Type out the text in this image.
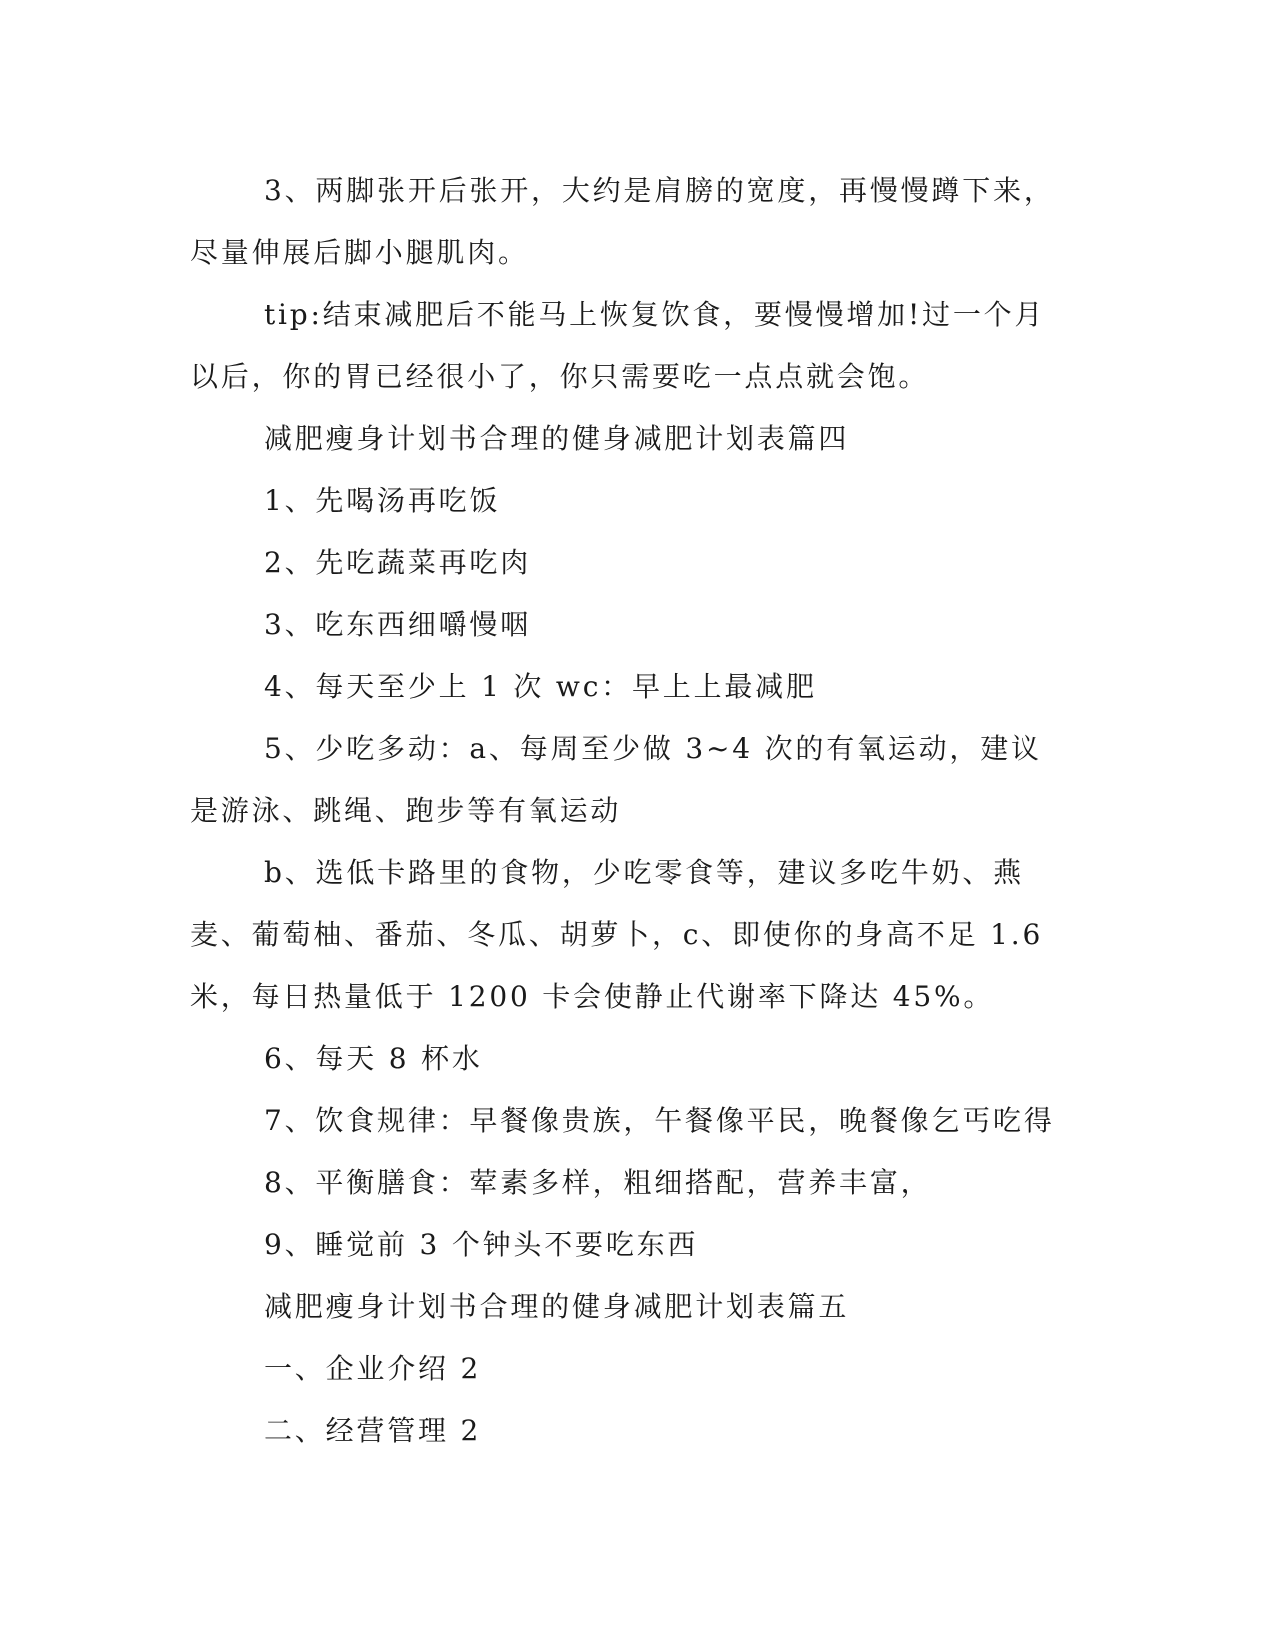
3、两脚张开后张开，大约是肩膀的宽度，再慢慢蹲下来，尽量伸展后脚小腿肌肉。

tip:结束减肥后不能马上恢复饮食，要慢慢增加!过一个月以后，你的胃已经很小了，你只需要吃一点点就会饱。

减肥瘦身计划书合理的健身减肥计划表篇四

1、先喝汤再吃饭

2、先吃蔬菜再吃肉

3、吃东西细嚼慢咽

4、每天至少上 1 次 wc：早上上最减肥

5、少吃多动：a、每周至少做 3~4 次的有氧运动，建议是游泳、跳绳、跑步等有氧运动

b、选低卡路里的食物，少吃零食等，建议多吃牛奶、燕麦、葡萄柚、番茄、冬瓜、胡萝卜，c、即使你的身高不足 1.6 米，每日热量低于 1200 卡会使静止代谢率下降达 45%。

6、每天 8 杯水

7、饮食规律：早餐像贵族，午餐像平民，晚餐像乞丐吃得

8、平衡膳食：荤素多样，粗细搭配，营养丰富，

9、睡觉前 3 个钟头不要吃东西

减肥瘦身计划书合理的健身减肥计划表篇五

一、企业介绍 2

二、经营管理 2
